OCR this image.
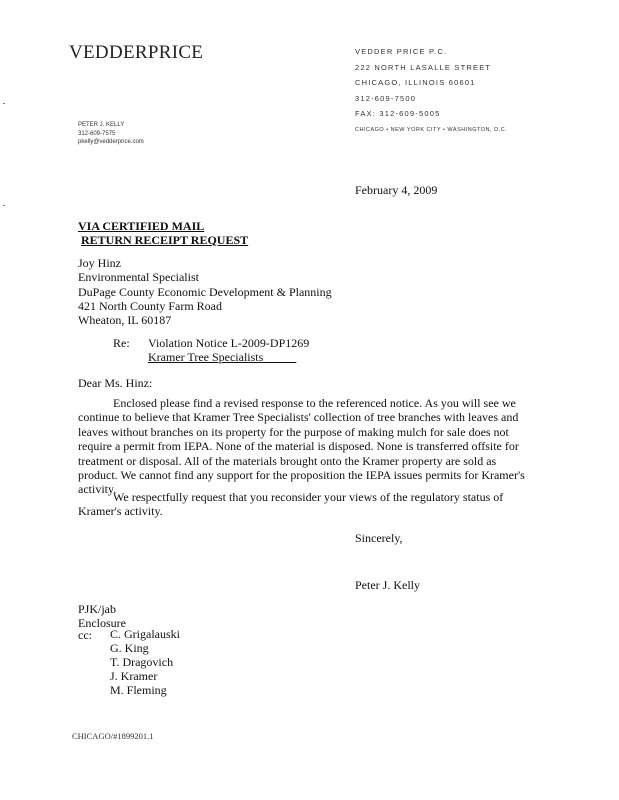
VEDDERPRICE	VEDDER PRICE P.C.
222 NORTH LASALLE STREET
CHICAGO, ILLINOIS 60601
312-609-7500
FAX: 312-609-5005
CHICAGO • NEW YORK CITY • WASHINGTON, D.C.
PETER J. KELLY
312-609-7575
pkelly@vedderprice.com
February 4, 2009
VIA CERTIFIED MAIL
RETURN RECEIPT REQUEST
Joy Hinz
Environmental Specialist
DuPage County Economic Development & Planning
421 North County Farm Road
Wheaton, IL 60187
Re: Violation Notice L-2009-DP1269
Kramer Tree Specialists
Dear Ms. Hinz:
Enclosed please find a revised response to the referenced notice. As you will see we continue to believe that Kramer Tree Specialists' collection of tree branches with leaves and leaves without branches on its property for the purpose of making mulch for sale does not require a permit from IEPA. None of the material is disposed. None is transferred offsite for treatment or disposal. All of the materials brought onto the Kramer property are sold as product. We cannot find any support for the proposition the IEPA issues permits for Kramer's activity.
We respectfully request that you reconsider your views of the regulatory status of Kramer's activity.
Sincerely,
Peter J. Kelly
PJK/jab
Enclosure
cc: C. Grigalauski
G. King
T. Dragovich
J. Kramer
M. Fleming
CHICAGO/#1899201.1
